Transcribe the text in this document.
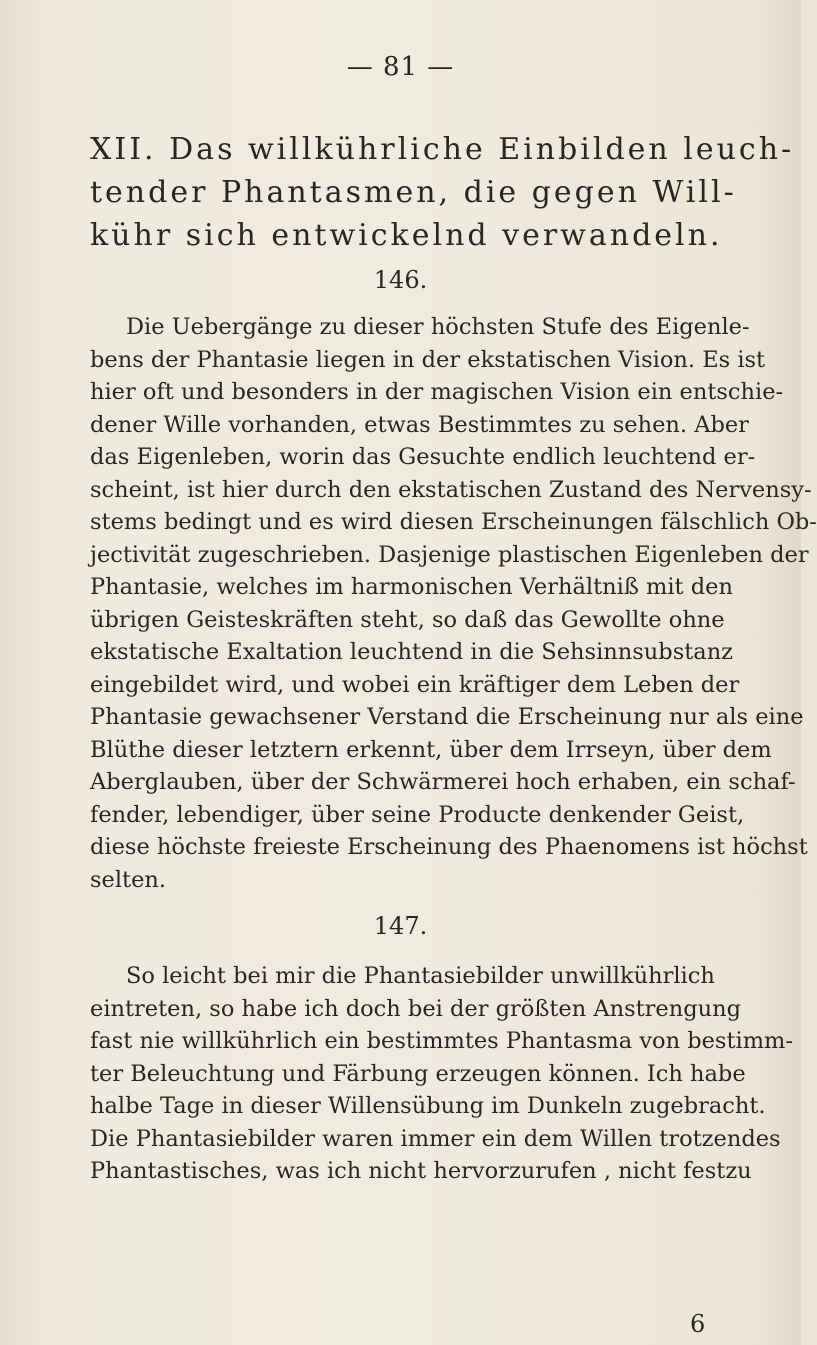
— 81 —
XII. Das willkührliche Einbilden leuch-
tender Phantasmen, die gegen Will-
kühr sich entwickelnd verwandeln.
146.
Die Uebergänge zu dieser höchsten Stufe des Eigenle-
bens der Phantasie liegen in der ekstatischen Vision. Es ist
hier oft und besonders in der magischen Vision ein entschie-
dener Wille vorhanden, etwas Bestimmtes zu sehen. Aber
das Eigenleben, worin das Gesuchte endlich leuchtend er-
scheint, ist hier durch den ekstatischen Zustand des Nervensy-
stems bedingt und es wird diesen Erscheinungen fälschlich Ob-
jectivität zugeschrieben. Dasjenige plastischen Eigenleben der
Phantasie, welches im harmonischen Verhältniß mit den
übrigen Geisteskräften steht, so daß das Gewollte ohne
ekstatische Exaltation leuchtend in die Sehsinnsubstanz
eingebildet wird, und wobei ein kräftiger dem Leben der
Phantasie gewachsener Verstand die Erscheinung nur als eine
Blüthe dieser letztern erkennt, über dem Irrseyn, über dem
Aberglauben, über der Schwärmerei hoch erhaben, ein schaf-
fender, lebendiger, über seine Producte denkender Geist,
diese höchste freieste Erscheinung des Phaenomens ist höchst
selten.
147.
So leicht bei mir die Phantasiebilder unwillkührlich
eintreten, so habe ich doch bei der größten Anstrengung
fast nie willkührlich ein bestimmtes Phantasma von bestimm-
ter Beleuchtung und Färbung erzeugen können. Ich habe
halbe Tage in dieser Willensübung im Dunkeln zugebracht.
Die Phantasiebilder waren immer ein dem Willen trotzendes
Phantastisches, was ich nicht hervorzurufen , nicht festzu
6
